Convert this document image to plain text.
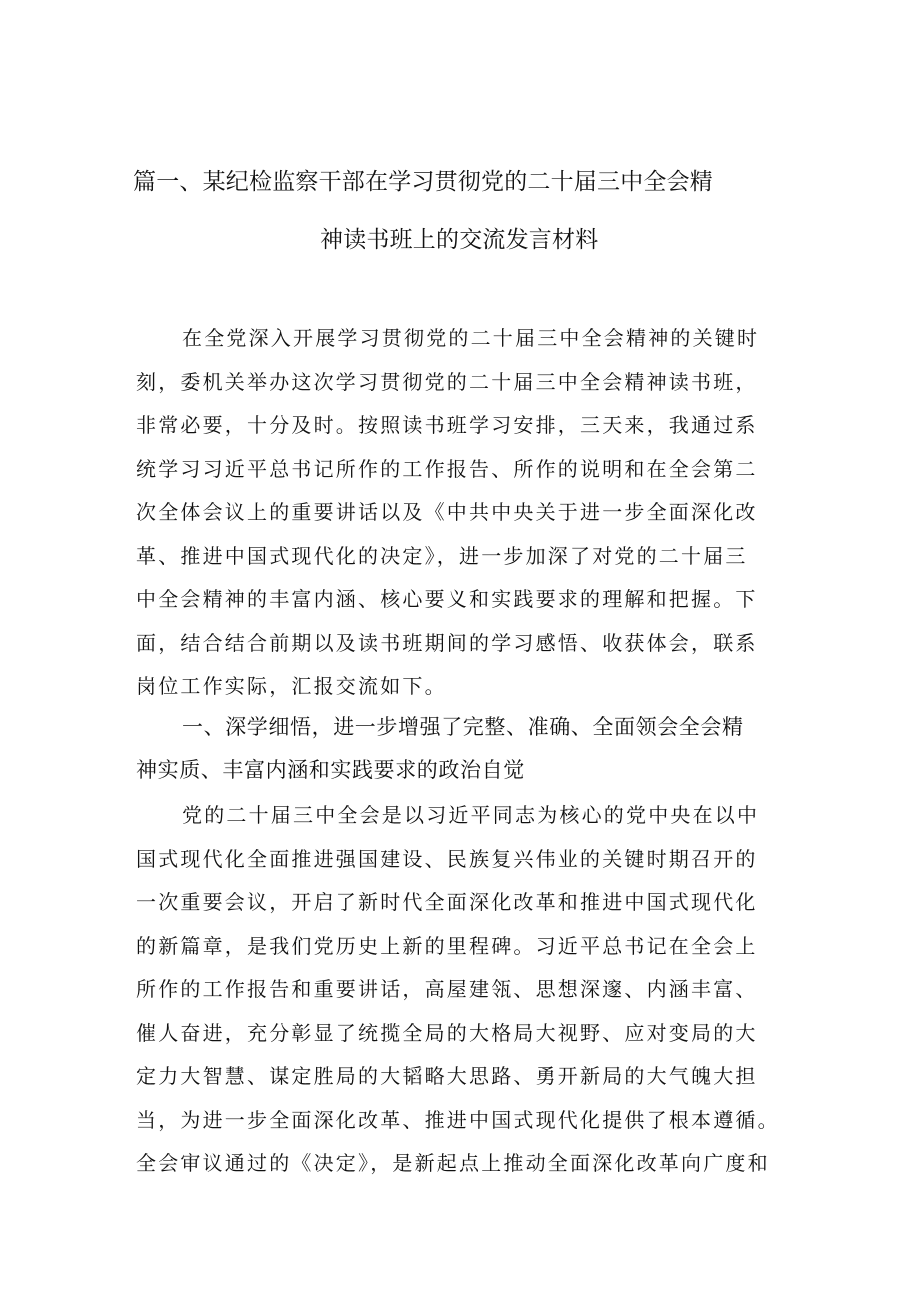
篇一、某纪检监察干部在学习贯彻党的二十届三中全会精
神读书班上的交流发言材料
在全党深入开展学习贯彻党的二十届三中全会精神的关键时
刻，委机关举办这次学习贯彻党的二十届三中全会精神读书班，
非常必要，十分及时。按照读书班学习安排，三天来，我通过系
统学习习近平总书记所作的工作报告、所作的说明和在全会第二
次全体会议上的重要讲话以及《中共中央关于进一步全面深化改
革、推进中国式现代化的决定》，进一步加深了对党的二十届三
中全会精神的丰富内涵、核心要义和实践要求的理解和把握。下
面，结合结合前期以及读书班期间的学习感悟、收获体会，联系
岗位工作实际，汇报交流如下。
一、深学细悟，进一步增强了完整、准确、全面领会全会精
神实质、丰富内涵和实践要求的政治自觉
党的二十届三中全会是以习近平同志为核心的党中央在以中
国式现代化全面推进强国建设、民族复兴伟业的关键时期召开的
一次重要会议，开启了新时代全面深化改革和推进中国式现代化
的新篇章，是我们党历史上新的里程碑。习近平总书记在全会上
所作的工作报告和重要讲话，高屋建瓴、思想深邃、内涵丰富、
催人奋进，充分彰显了统揽全局的大格局大视野、应对变局的大
定力大智慧、谋定胜局的大韬略大思路、勇开新局的大气魄大担
当，为进一步全面深化改革、推进中国式现代化提供了根本遵循。
全会审议通过的《决定》，是新起点上推动全面深化改革向广度和
